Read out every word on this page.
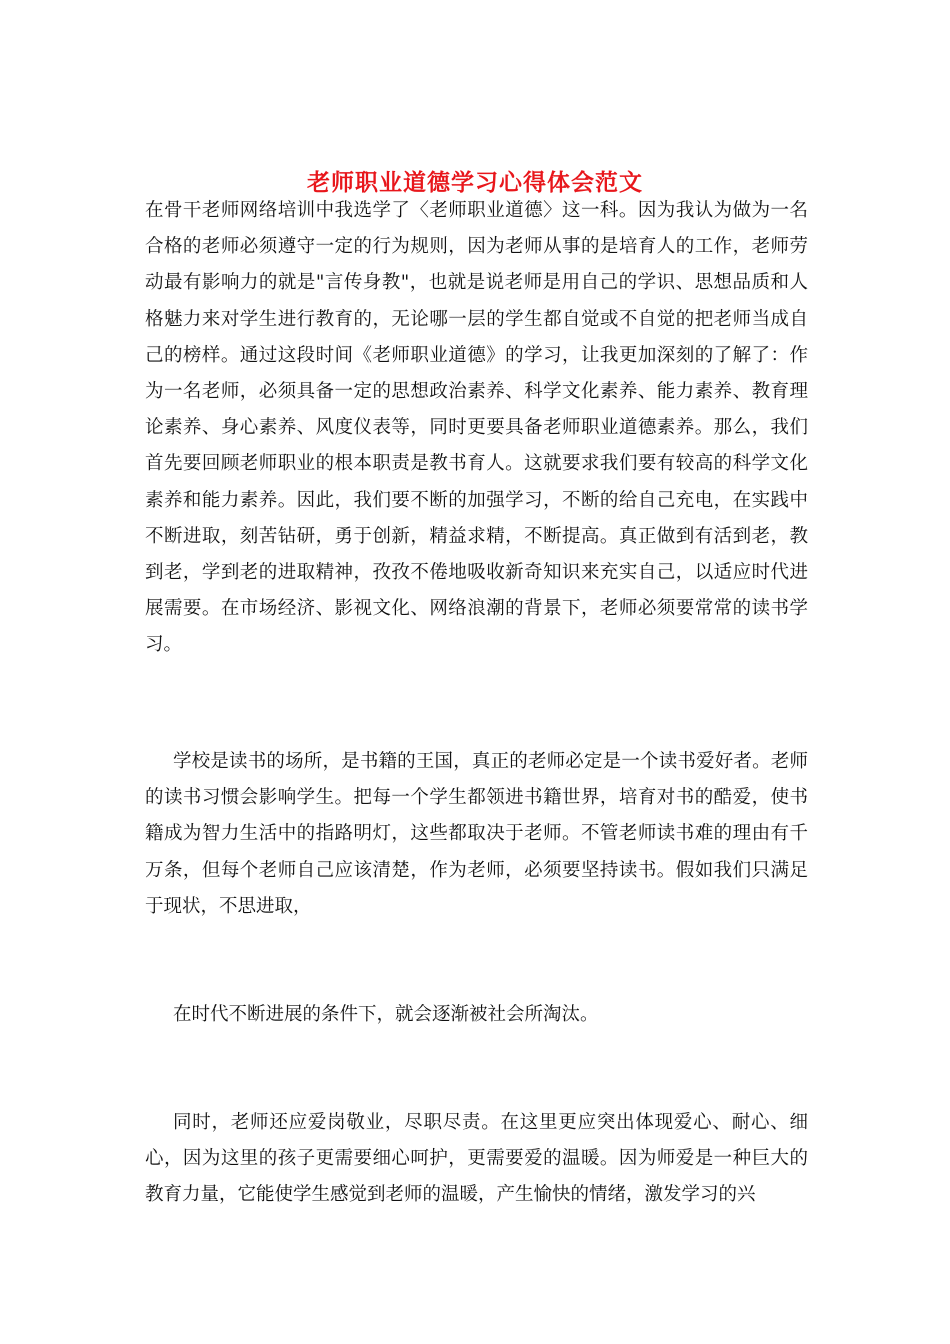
老师职业道德学习心得体会范文

在骨干老师网络培训中我选学了〈老师职业道德〉这一科。因为我认为做为一名合格的老师必须遵守一定的行为规则，因为老师从事的是培育人的工作，老师劳动最有影响力的就是"言传身教"，也就是说老师是用自己的学识、思想品质和人格魅力来对学生进行教育的，无论哪一层的学生都自觉或不自觉的把老师当成自己的榜样。通过这段时间《老师职业道德》的学习，让我更加深刻的了解了：作为一名老师，必须具备一定的思想政治素养、科学文化素养、能力素养、教育理论素养、身心素养、风度仪表等，同时更要具备老师职业道德素养。那么，我们首先要回顾老师职业的根本职责是教书育人。这就要求我们要有较高的科学文化素养和能力素养。因此，我们要不断的加强学习，不断的给自己充电，在实践中不断进取，刻苦钻研，勇于创新，精益求精，不断提高。真正做到有活到老，教到老，学到老的进取精神，孜孜不倦地吸收新奇知识来充实自己，以适应时代进展需要。在市场经济、影视文化、网络浪潮的背景下，老师必须要常常的读书学习。

学校是读书的场所，是书籍的王国，真正的老师必定是一个读书爱好者。老师的读书习惯会影响学生。把每一个学生都领进书籍世界，培育对书的酷爱，使书籍成为智力生活中的指路明灯，这些都取决于老师。不管老师读书难的理由有千万条，但每个老师自己应该清楚，作为老师，必须要坚持读书。假如我们只满足于现状，不思进取，

在时代不断进展的条件下，就会逐渐被社会所淘汰。

同时，老师还应爱岗敬业，尽职尽责。在这里更应突出体现爱心、耐心、细心，因为这里的孩子更需要细心呵护，更需要爱的温暖。因为师爱是一种巨大的教育力量，它能使学生感觉到老师的温暖，产生愉快的情绪，激发学习的兴
